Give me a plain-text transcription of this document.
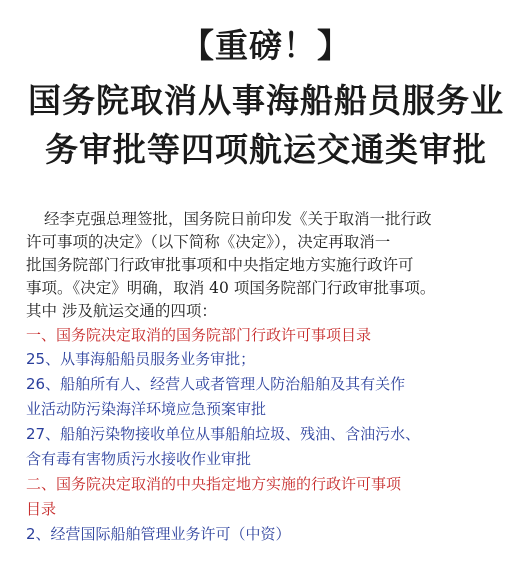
【重磅！】
国务院取消从事海船船员服务业
务审批等四项航运交通类审批
经李克强总理签批，国务院日前印发《关于取消一批行政
许可事项的决定》（以下简称《决定》），决定再取消一
批国务院部门行政审批事项和中央指定地方实施行政许可
事项。《决定》明确，取消 40 项国务院部门行政审批事项。
其中 涉及航运交通的四项：
一、国务院决定取消的国务院部门行政许可事项目录
25、从事海船船员服务业务审批；
26、船舶所有人、经营人或者管理人防治船舶及其有关作
业活动防污染海洋环境应急预案审批
27、船舶污染物接收单位从事船舶垃圾、残油、含油污水、
含有毒有害物质污水接收作业审批
二、国务院决定取消的中央指定地方实施的行政许可事项
目录
2、经营国际船舶管理业务许可（中资）
